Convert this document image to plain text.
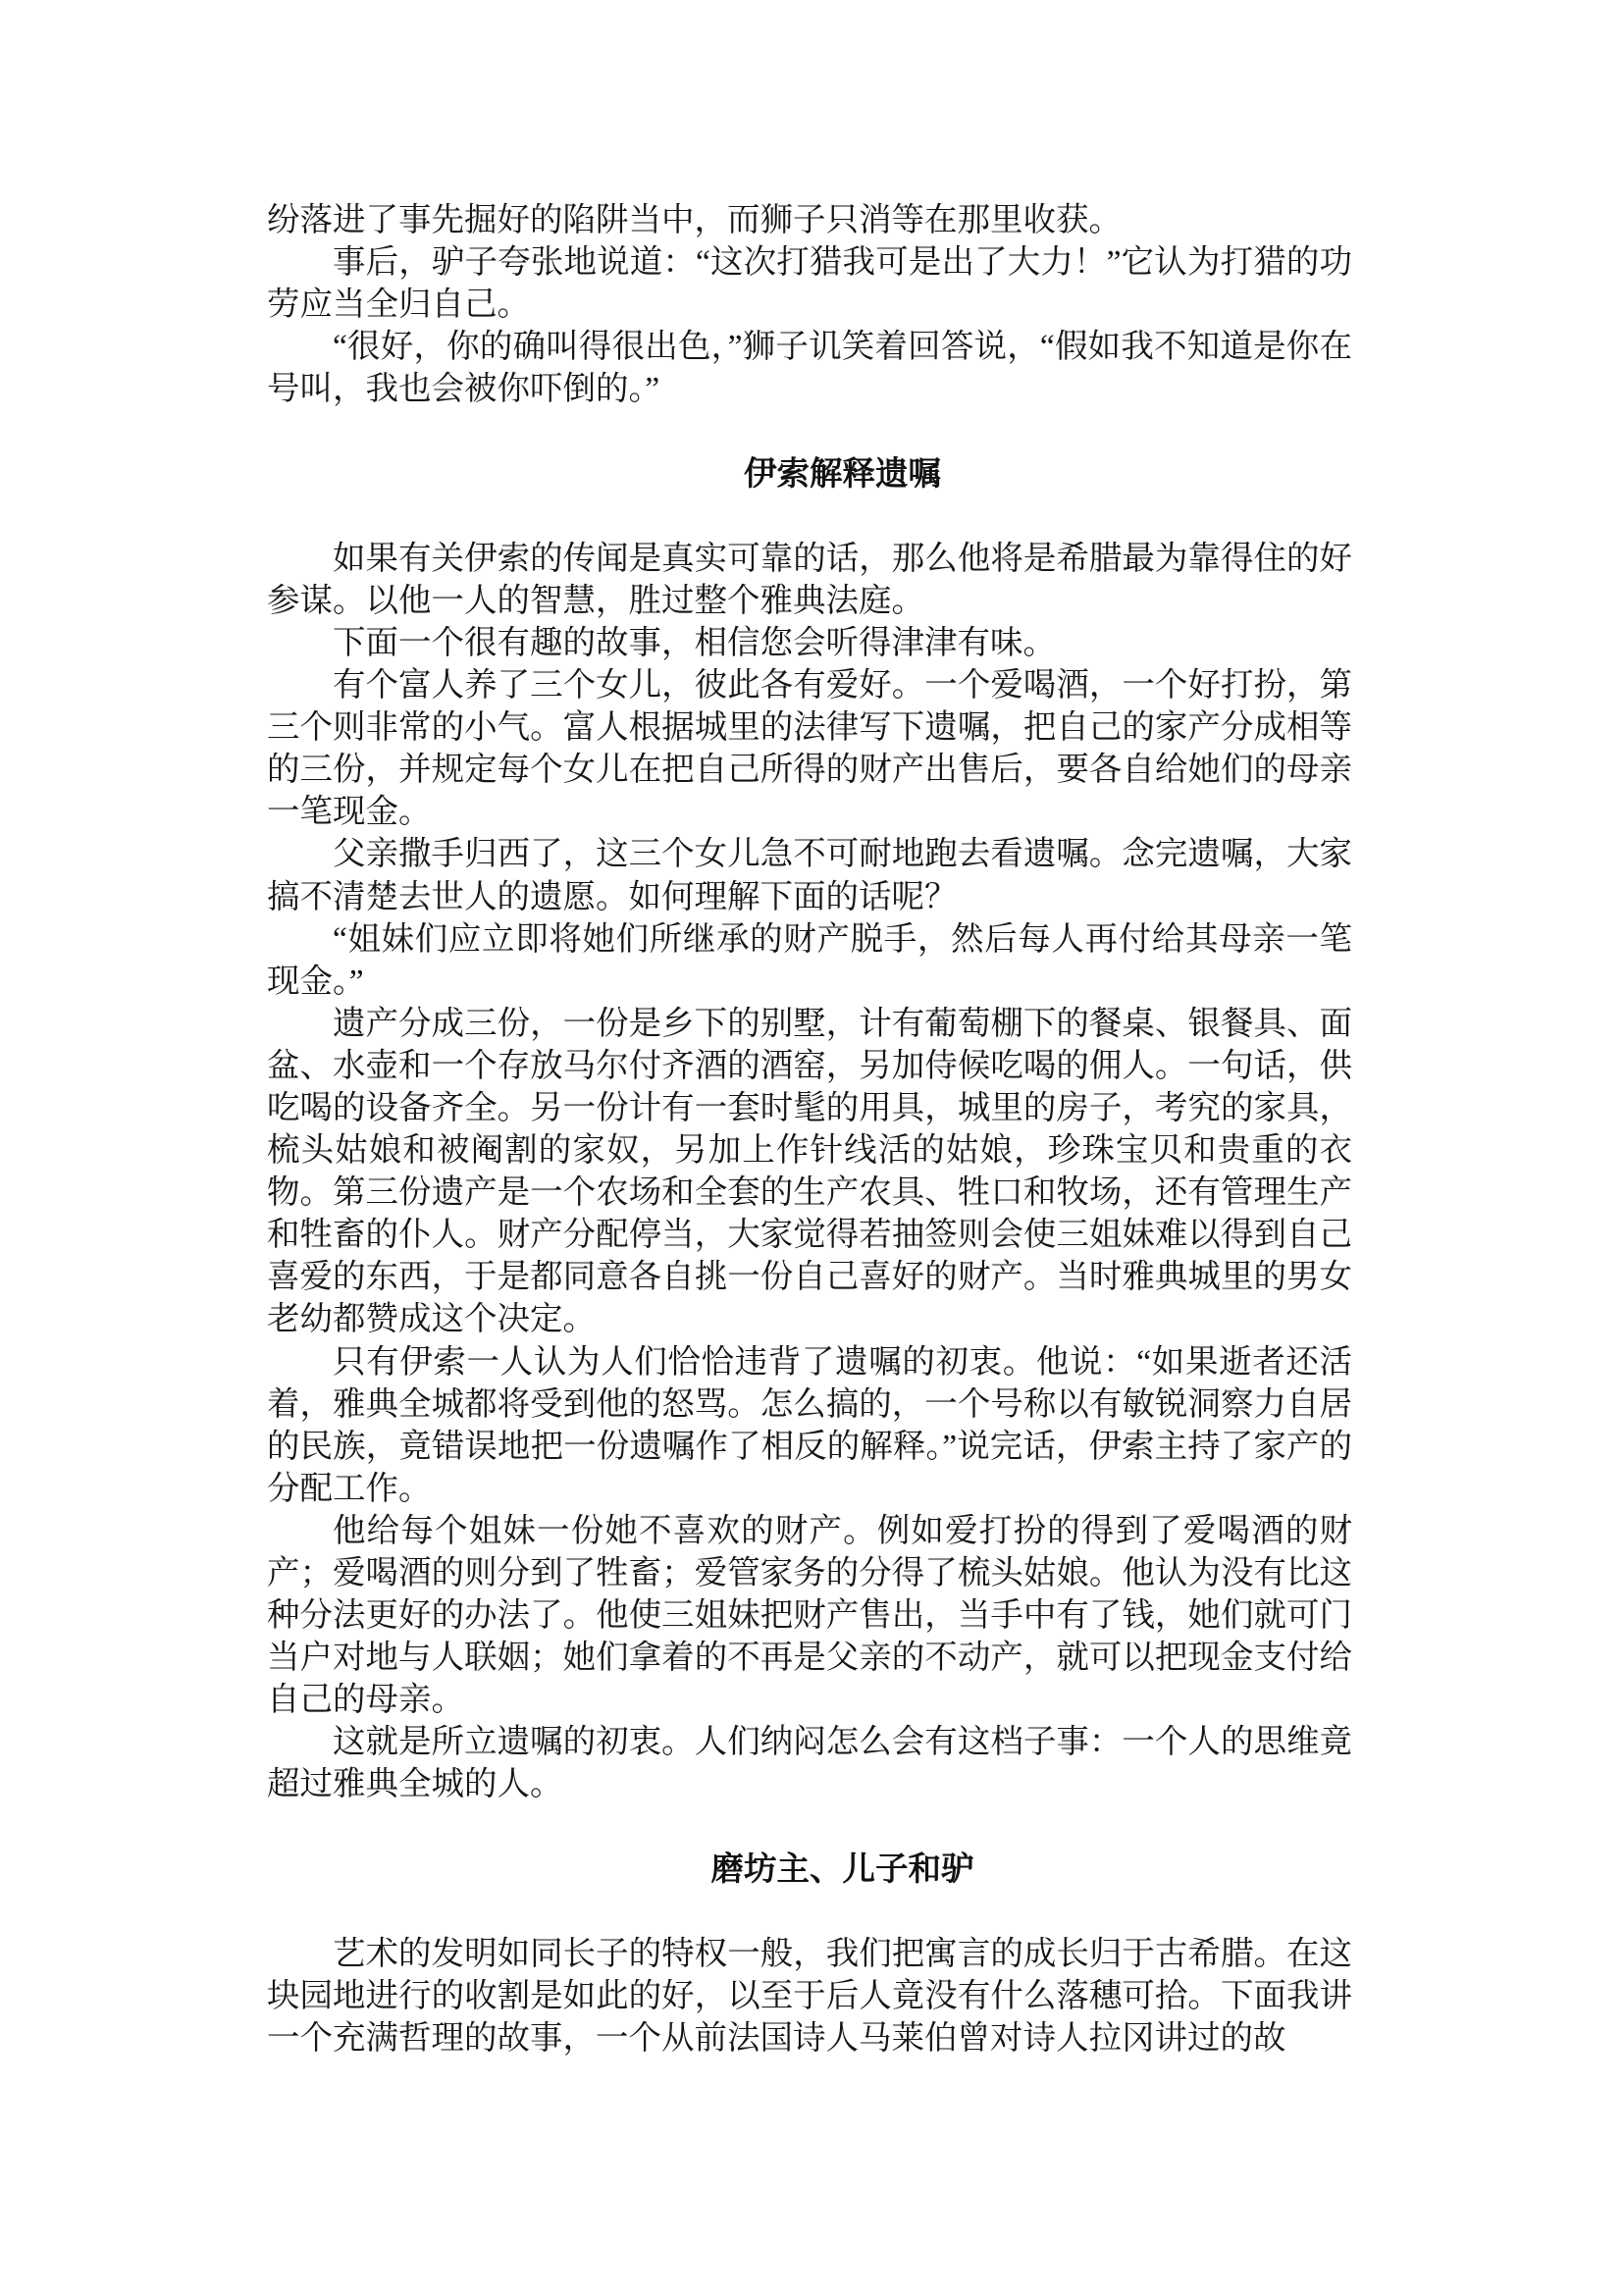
纷落进了事先掘好的陷阱当中，而狮子只消等在那里收获。

事后，驴子夸张地说道：“这次打猎我可是出了大力！”它认为打猎的功劳应当全归自己。

“很好，你的确叫得很出色，”狮子讥笑着回答说，“假如我不知道是你在号叫，我也会被你吓倒的。”

伊索解释遗嘱

如果有关伊索的传闻是真实可靠的话，那么他将是希腊最为靠得住的好参谋。以他一人的智慧，胜过整个雅典法庭。

下面一个很有趣的故事，相信您会听得津津有味。

有个富人养了三个女儿，彼此各有爱好。一个爱喝酒，一个好打扮，第三个则非常的小气。富人根据城里的法律写下遗嘱，把自己的家产分成相等的三份，并规定每个女儿在把自己所得的财产出售后，要各自给她们的母亲一笔现金。

父亲撒手归西了，这三个女儿急不可耐地跑去看遗嘱。念完遗嘱，大家搞不清楚去世人的遗愿。如何理解下面的话呢？

“姐妹们应立即将她们所继承的财产脱手，然后每人再付给其母亲一笔现金。”

遗产分成三份，一份是乡下的别墅，计有葡萄棚下的餐桌、银餐具、面盆、水壶和一个存放马尔付齐酒的酒窑，另加侍候吃喝的佣人。一句话，供吃喝的设备齐全。另一份计有一套时髦的用具，城里的房子，考究的家具，梳头姑娘和被阉割的家奴，另加上作针线活的姑娘，珍珠宝贝和贵重的衣物。第三份遗产是一个农场和全套的生产农具、牲口和牧场，还有管理生产和牲畜的仆人。财产分配停当，大家觉得若抽签则会使三姐妹难以得到自己喜爱的东西，于是都同意各自挑一份自己喜好的财产。当时雅典城里的男女老幼都赞成这个决定。

只有伊索一人认为人们恰恰违背了遗嘱的初衷。他说：“如果逝者还活着，雅典全城都将受到他的怒骂。怎么搞的，一个号称以有敏锐洞察力自居的民族，竟错误地把一份遗嘱作了相反的解释。”说完话，伊索主持了家产的分配工作。

他给每个姐妹一份她不喜欢的财产。例如爱打扮的得到了爱喝酒的财产；爱喝酒的则分到了牲畜；爱管家务的分得了梳头姑娘。他认为没有比这种分法更好的办法了。他使三姐妹把财产售出，当手中有了钱，她们就可门当户对地与人联姻；她们拿着的不再是父亲的不动产，就可以把现金支付给自己的母亲。

这就是所立遗嘱的初衷。人们纳闷怎么会有这档子事：一个人的思维竟超过雅典全城的人。

磨坊主、儿子和驴

艺术的发明如同长子的特权一般，我们把寓言的成长归于古希腊。在这块园地进行的收割是如此的好，以至于后人竟没有什么落穗可拾。下面我讲一个充满哲理的故事，一个从前法国诗人马莱伯曾对诗人拉冈讲过的故
